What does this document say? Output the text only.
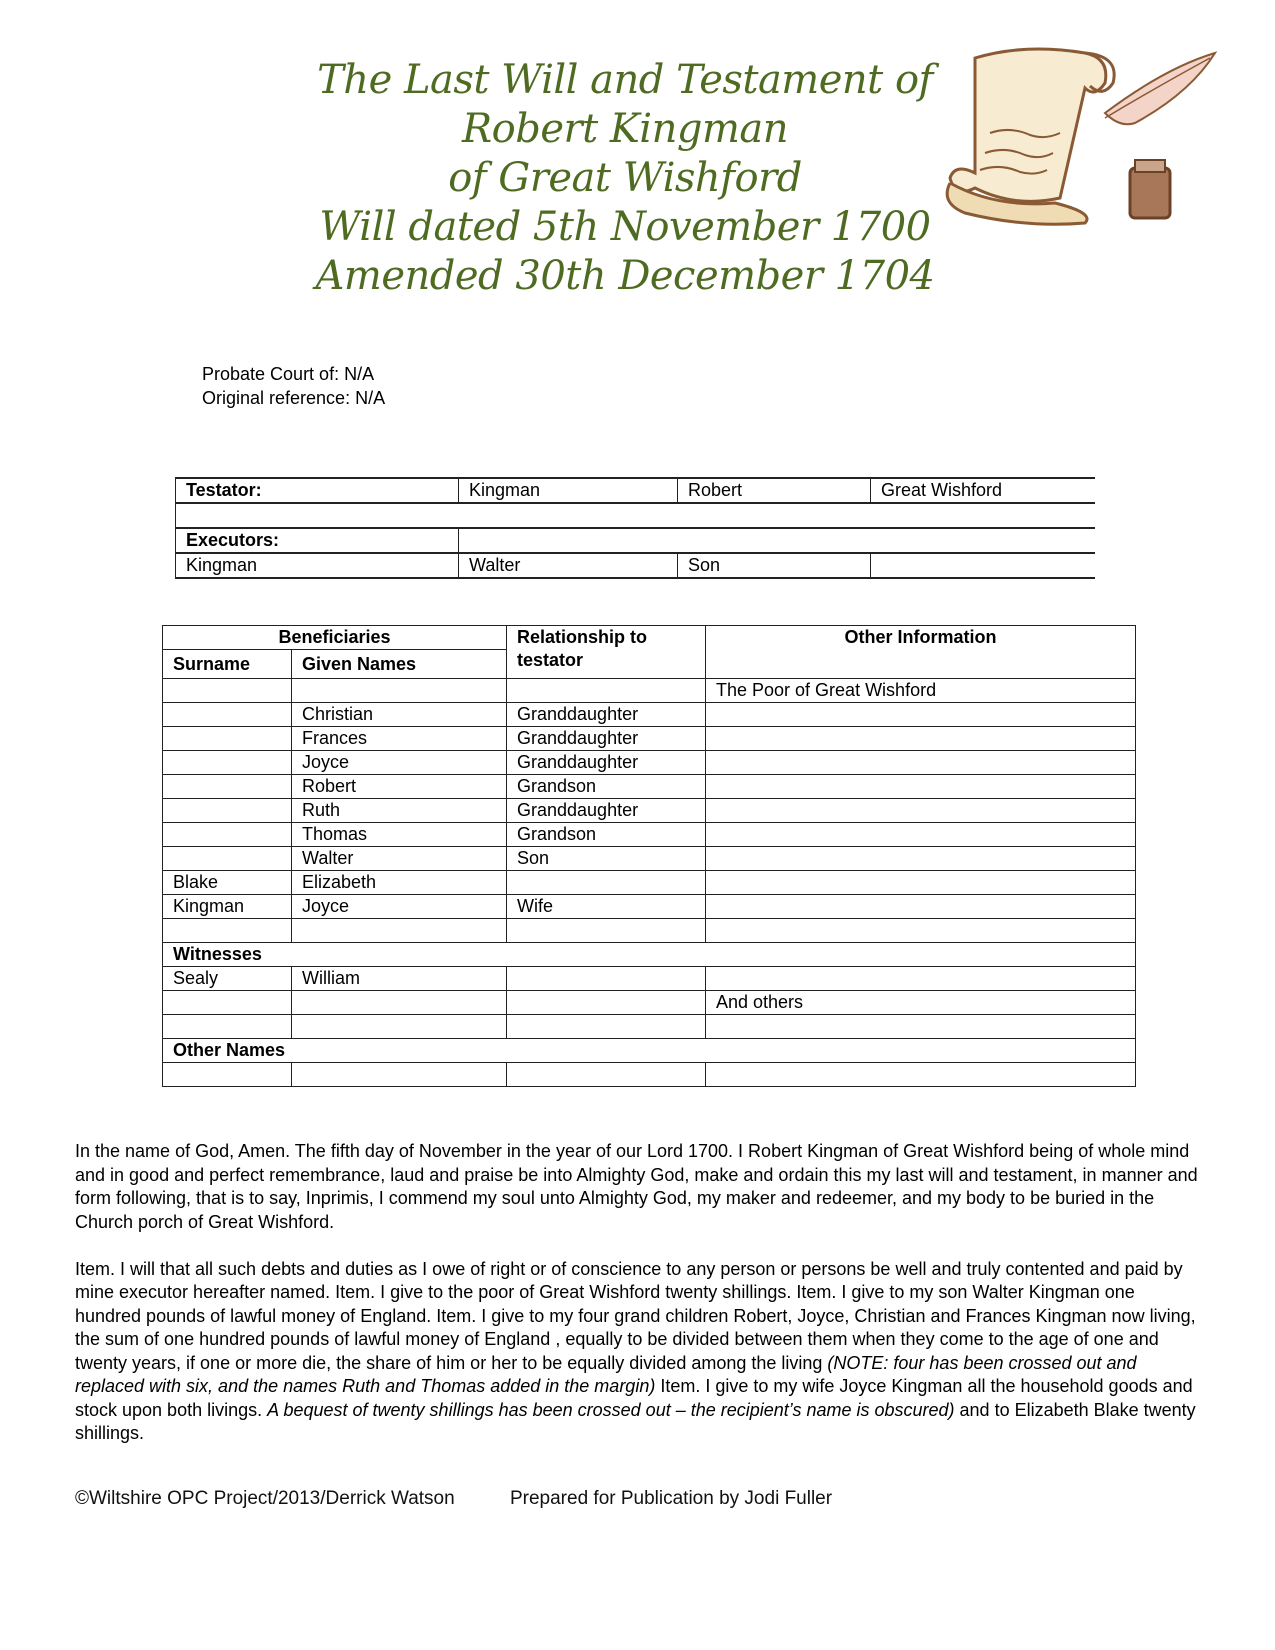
The Last Will and Testament of
Robert Kingman
of Great Wishford
Will dated 5th November 1700
Amended 30th December 1704
Probate Court of: N/A
Original reference: N/A
Testator:	Kingman	Robert	Great Wishford

Executors:			
Kingman	Walter	Son	
Beneficiaries		Relationship to testator	Other Information
Surname	Given Names		
			The Poor of Great Wishford
	Christian	Granddaughter	
	Frances	Granddaughter	
	Joyce	Granddaughter	
	Robert	Grandson	
	Ruth	Granddaughter	
	Thomas	Grandson	
	Walter	Son	
Blake	Elizabeth		
Kingman	Joyce	Wife	

Witnesses			
Sealy	William		
			And others

Other Names			

In the name of God, Amen. The fifth day of November in the year of our Lord 1700. I Robert Kingman of Great Wishford being of whole mind and in good and perfect remembrance, laud and praise be into Almighty God, make and ordain this my last will and testament, in manner and form following, that is to say, Inprimis, I commend my soul unto Almighty God, my maker and redeemer, and my body to be buried in the Church porch of Great Wishford.

Item. I will that all such debts and duties as I owe of right or of conscience to any person or persons be well and truly contented and paid by mine executor hereafter named. Item. I give to the poor of Great Wishford twenty shillings. Item. I give to my son Walter Kingman one hundred pounds of lawful money of England. Item. I give to my four grand children Robert, Joyce, Christian and Frances Kingman now living, the sum of one hundred pounds of lawful money of England , equally to be divided between them when they come to the age of one and twenty years, if one or more die, the share of him or her to be equally divided among the living (NOTE: four has been crossed out and replaced with six, and the names Ruth and Thomas added in the margin) Item. I give to my wife Joyce Kingman all the household goods and stock upon both livings. A bequest of twenty shillings has been crossed out – the recipient’s name is obscured) and to Elizabeth Blake twenty shillings.

©Wiltshire OPC Project/2013/Derrick Watson	Prepared for Publication by Jodi Fuller
